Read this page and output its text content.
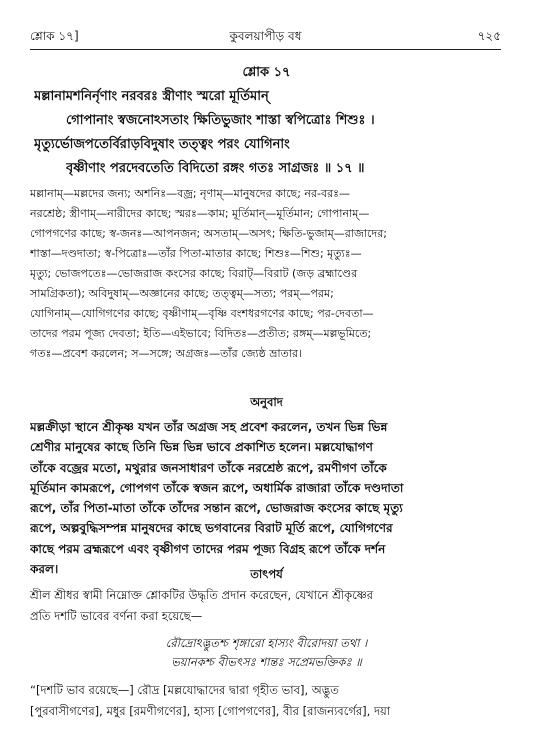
শ্লোক ১৭]	কুবলয়াপীড় বধ	৭২৫
শ্লোক ১৭
মল্লানামশনির্নৃণাং নরবরঃ স্ত্রীণাং স্মরো মূর্তিমান্
গোপানাং স্বজনোঽসতাং ক্ষিতিভুজাং শাস্তা স্বপিত্রোঃ শিশুঃ ।
মৃত্যুর্ভোজপতের্বিরাড়বিদুষাং তত্ত্বং পরং যোগিনাং
বৃষ্ণীণাং পরদেবতেতি বিদিতো রঙ্গং গতঃ সাগ্রজঃ ॥ ১৭ ॥
মল্লানাম্—মল্লদের জন্য; অশনিঃ—বজ্র; নৃণাম্—মানুষদের কাছে; নর-বরঃ—
নরশ্রেষ্ঠ; স্ত্রীণাম্—নারীদের কাছে; স্মরঃ—কাম; মূর্তিমান্—মূর্তিমান; গোপানাম্—
গোপগণের কাছে; স্ব-জনঃ—আপনজন; অসতাম্—অসৎ; ক্ষিতি-ভুজাম্—রাজাদের;
শাস্তা—দণ্ডদাতা; স্ব-পিত্রোঃ—তাঁর পিতা-মাতার কাছে; শিশুঃ—শিশু; মৃত্যুঃ—
মৃত্যু; ভোজপতেঃ—ভোজরাজ কংসের কাছে; বিরাট্—বিরাট (জড় ব্রহ্মাণ্ডের
সামগ্রিকতা); অবিদুষাম্—অজ্ঞানের কাছে; তত্ত্বম্—সত্য; পরম্—পরম;
যোগিনাম্—যোগিগণের কাছে; বৃষ্ণীণাম্—বৃষ্ণি বংশধরগণের কাছে; পর-দেবতা—
তাদের পরম পূজ্য দেবতা; ইতি—এইভাবে; বিদিতঃ—প্রতীত; রঙ্গম্—মল্লভূমিতে;
গতঃ—প্রবেশ করলেন; স—সঙ্গে; অগ্রজঃ—তাঁর জ্যেষ্ঠ ভ্রাতার।
অনুবাদ
মল্লক্রীড়া স্থানে শ্রীকৃষ্ণ যখন তাঁর অগ্রজ সহ প্রবেশ করলেন, তখন ভিন্ন ভিন্ন
শ্রেণীর মানুষের কাছে তিনি ভিন্ন ভিন্ন ভাবে প্রকাশিত হলেন। মল্লযোদ্ধাগণ
তাঁকে বজ্রের মতো, মথুরার জনসাধারণ তাঁকে নরশ্রেষ্ঠ রূপে, রমণীগণ তাঁকে
মূর্তিমান কামরূপে, গোপগণ তাঁকে স্বজন রূপে, অধার্মিক রাজারা তাঁকে দণ্ডদাতা
রূপে, তাঁর পিতা-মাতা তাঁকে তাঁদের সন্তান রূপে, ভোজরাজ কংসের কাছে মৃত্যু
রূপে, অল্পবুদ্ধিসম্পন্ন মানুষদের কাছে ভগবানের বিরাট মূর্তি রূপে, যোগিগণের
কাছে পরম ব্রহ্মরূপে এবং বৃষ্ণীগণ তাদের পরম পূজ্য বিগ্রহ রূপে তাঁকে দর্শন
করল।	তাৎপর্য
শ্রীল শ্রীধর স্বামী নিম্নোক্ত শ্লোকটির উদ্ধৃতি প্রদান করেছেন, যেখানে শ্রীকৃষ্ণের
প্রতি দশটি ভাবের বর্ণনা করা হয়েছে—
রৌদ্রোঽদ্ভুতশ্চ শৃঙ্গারো হাস্যং বীরোদয়া তথা ।
ভয়ানকশ্চ বীভৎসঃ শান্তঃ সপ্রেমভক্তিকঃ ॥
“[দশটি ভাব রয়েছে—] রৌদ্র [মল্লযোদ্ধাদের দ্বারা গৃহীত ভাব], অদ্ভুত
[পুরবাসীগণের], মধুর [রমণীগণের], হাস্য [গোপগণের], বীর [রাজন্যবর্গের], দয়া
